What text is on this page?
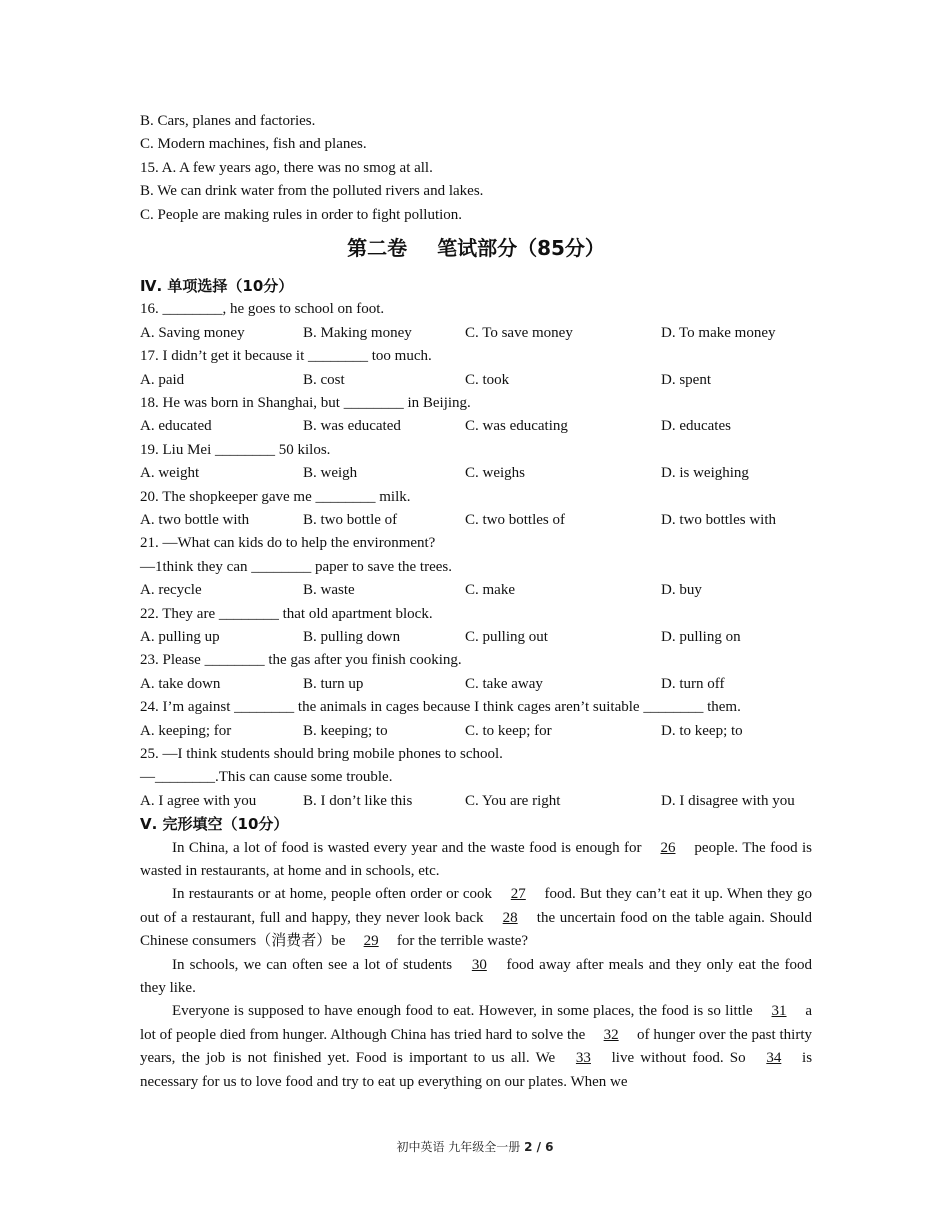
B. Cars, planes and factories.
C. Modern machines, fish and planes.
15. A. A few years ago, there was no smog at all.
B. We can drink water from the polluted rivers and lakes.
C. People are making rules in order to fight pollution.
第二卷 笔试部分（85分）
Ⅳ. 单项选择（10分）
16. ________, he goes to school on foot.
A. Saving money	B. Making money	C. To save money	D. To make money
17. I didn’t get it because it ________ too much.
A. paid	B. cost	C. took	D. spent
18. He was born in Shanghai, but ________ in Beijing.
A. educated	B. was educated	C. was educating	D. educates
19. Liu Mei ________ 50 kilos.
A. weight	B. weigh	C. weighs	D. is weighing
20. The shopkeeper gave me ________ milk.
A. two bottle with	B. two bottle of	C. two bottles of	D. two bottles with
21. —What can kids do to help the environment?
—1think they can ________ paper to save the trees.
A. recycle	B. waste	C. make	D. buy
22. They are ________ that old apartment block.
A. pulling up	B. pulling down	C. pulling out	D. pulling on
23. Please ________ the gas after you finish cooking.
A. take down	B. turn up	C. take away	D. turn off
24. I’m against ________ the animals in cages because I think cages aren’t suitable ________ them.
A. keeping; for	B. keeping; to	C. to keep; for	D. to keep; to
25. —I think students should bring mobile phones to school.
—________.This can cause some trouble.
A. I agree with you	B. I don’t like this	C. You are right	D. I disagree with you
Ⅴ. 完形填空（10分）
In China, a lot of food is wasted every year and the waste food is enough for 26 people. The food is wasted in restaurants, at home and in schools, etc.
In restaurants or at home, people often order or cook 27 food. But they can’t eat it up. When they go out of a restaurant, full and happy, they never look back 28 the uncertain food on the table again. Should Chinese consumers（消费者）be 29 for the terrible waste?
In schools, we can often see a lot of students 30 food away after meals and they only eat the food they like.
Everyone is supposed to have enough food to eat. However, in some places, the food is so little 31 a lot of people died from hunger. Although China has tried hard to solve the 32 of hunger over the past thirty years, the job is not finished yet. Food is important to us all. We 33 live without food. So 34 is necessary for us to love food and try to eat up everything on our plates. When we
初中英语 九年级全一册 2 / 6
